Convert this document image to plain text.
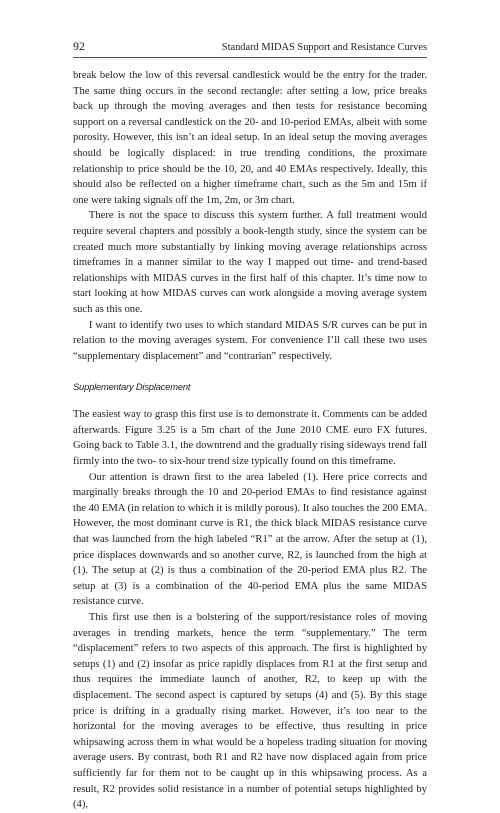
92	Standard MIDAS Support and Resistance Curves

break below the low of this reversal candlestick would be the entry for the trader. The same thing occurs in the second rectangle: after setting a low, price breaks back up through the moving averages and then tests for resistance becoming support on a reversal candlestick on the 20- and 10-period EMAs, albeit with some porosity. However, this isn’t an ideal setup. In an ideal setup the moving averages should be logically displaced: in true trending conditions, the proximate relationship to price should be the 10, 20, and 40 EMAs respectively. Ideally, this should also be reflected on a higher timeframe chart, such as the 5m and 15m if one were taking signals off the 1m, 2m, or 3m chart.

There is not the space to discuss this system further. A full treatment would require several chapters and possibly a book-length study, since the system can be created much more substantially by linking moving average relationships across timeframes in a manner similar to the way I mapped out time- and trend-based relationships with MIDAS curves in the first half of this chapter. It’s time now to start looking at how MIDAS curves can work alongside a moving average system such as this one.

I want to identify two uses to which standard MIDAS S/R curves can be put in relation to the moving averages system. For convenience I’ll call these two uses “supplementary displacement” and “contrarian” respectively.

Supplementary Displacement

The easiest way to grasp this first use is to demonstrate it. Comments can be added afterwards. Figure 3.25 is a 5m chart of the June 2010 CME euro FX futures. Going back to Table 3.1, the downtrend and the gradually rising sideways trend fall firmly into the two- to six-hour trend size typically found on this timeframe.

Our attention is drawn first to the area labeled (1). Here price corrects and marginally breaks through the 10 and 20-period EMAs to find resistance against the 40 EMA (in relation to which it is mildly porous). It also touches the 200 EMA. However, the most dominant curve is R1, the thick black MIDAS resistance curve that was launched from the high labeled “R1” at the arrow. After the setup at (1), price displaces downwards and so another curve, R2, is launched from the high at (1). The setup at (2) is thus a combination of the 20-period EMA plus R2. The setup at (3) is a combination of the 40-period EMA plus the same MIDAS resistance curve.

This first use then is a bolstering of the support/resistance roles of moving averages in trending markets, hence the term “supplementary.” The term “displacement” refers to two aspects of this approach. The first is highlighted by setups (1) and (2) insofar as price rapidly displaces from R1 at the first setup and thus requires the immediate launch of another, R2, to keep up with the displacement. The second aspect is captured by setups (4) and (5). By this stage price is drifting in a gradually rising market. However, it’s too near to the horizontal for the moving averages to be effective, thus resulting in price whipsawing across them in what would be a hopeless trading situation for moving average users. By contrast, both R1 and R2 have now displaced again from price sufficiently far for them not to be caught up in this whipsawing process. As a result, R2 provides solid resistance in a number of potential setups highlighted by (4),
